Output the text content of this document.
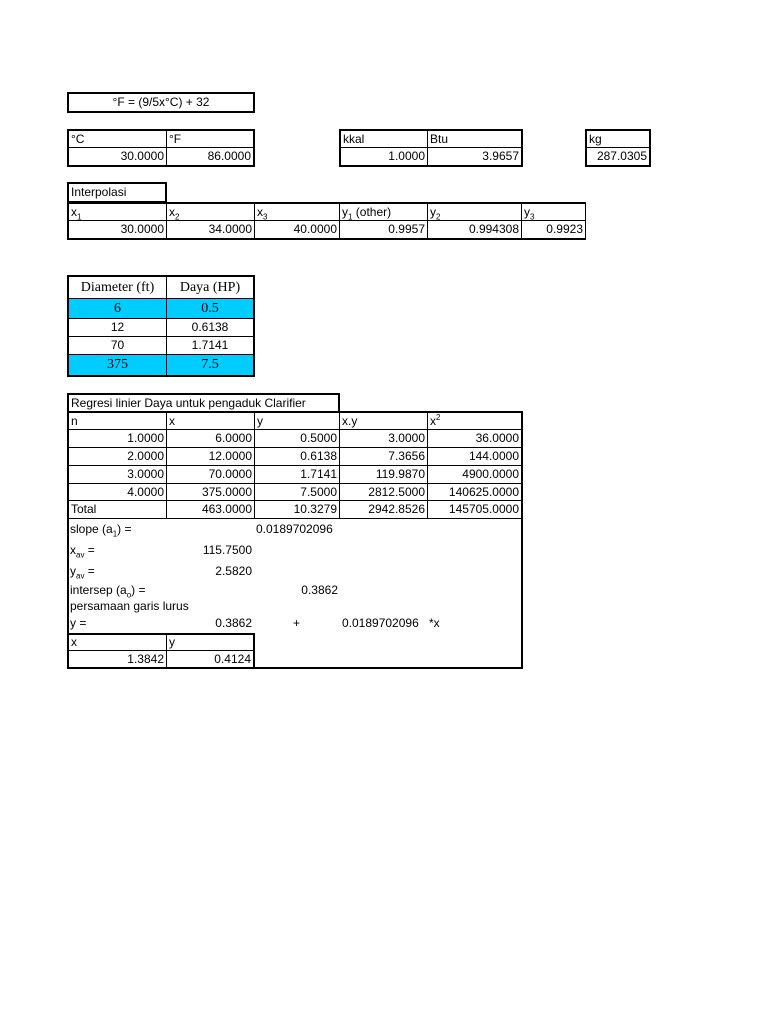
°F = (9/5x°C) + 32
°C	°F
30.0000	86.0000
kkal	Btu
1.0000	3.9657
kg
287.0305
Interpolasi
$x_1$	$x_2$	$x_3$	$y_1$ (other)	$y_2$	$y_3$
30.0000	34.0000	40.0000	0.9957	0.994308	0.9923
Diameter (ft)	Daya (HP)
6	0.5
12	0.6138
70	1.7141
375	7.5
Regresi linier Daya untuk pengaduk Clarifier
n	x	y	x.y	$x^2$
1.0000	6.0000	0.5000	3.0000	36.0000
2.0000	12.0000	0.6138	7.3656	144.0000
3.0000	70.0000	1.7141	119.9870	4900.0000
4.0000	375.0000	7.5000	2812.5000	140625.0000
Total	463.0000	10.3279	2942.8526	145705.0000
slope $(a_1)$ =	0.0189702096
$x_{av}$ =	115.7500
$y_{av}$ =	2.5820
intersep $(a_o)$ =	0.3862
persamaan garis lurus
y =	0.3862	+	0.0189702096 *x
x	y
1.3842	0.4124
